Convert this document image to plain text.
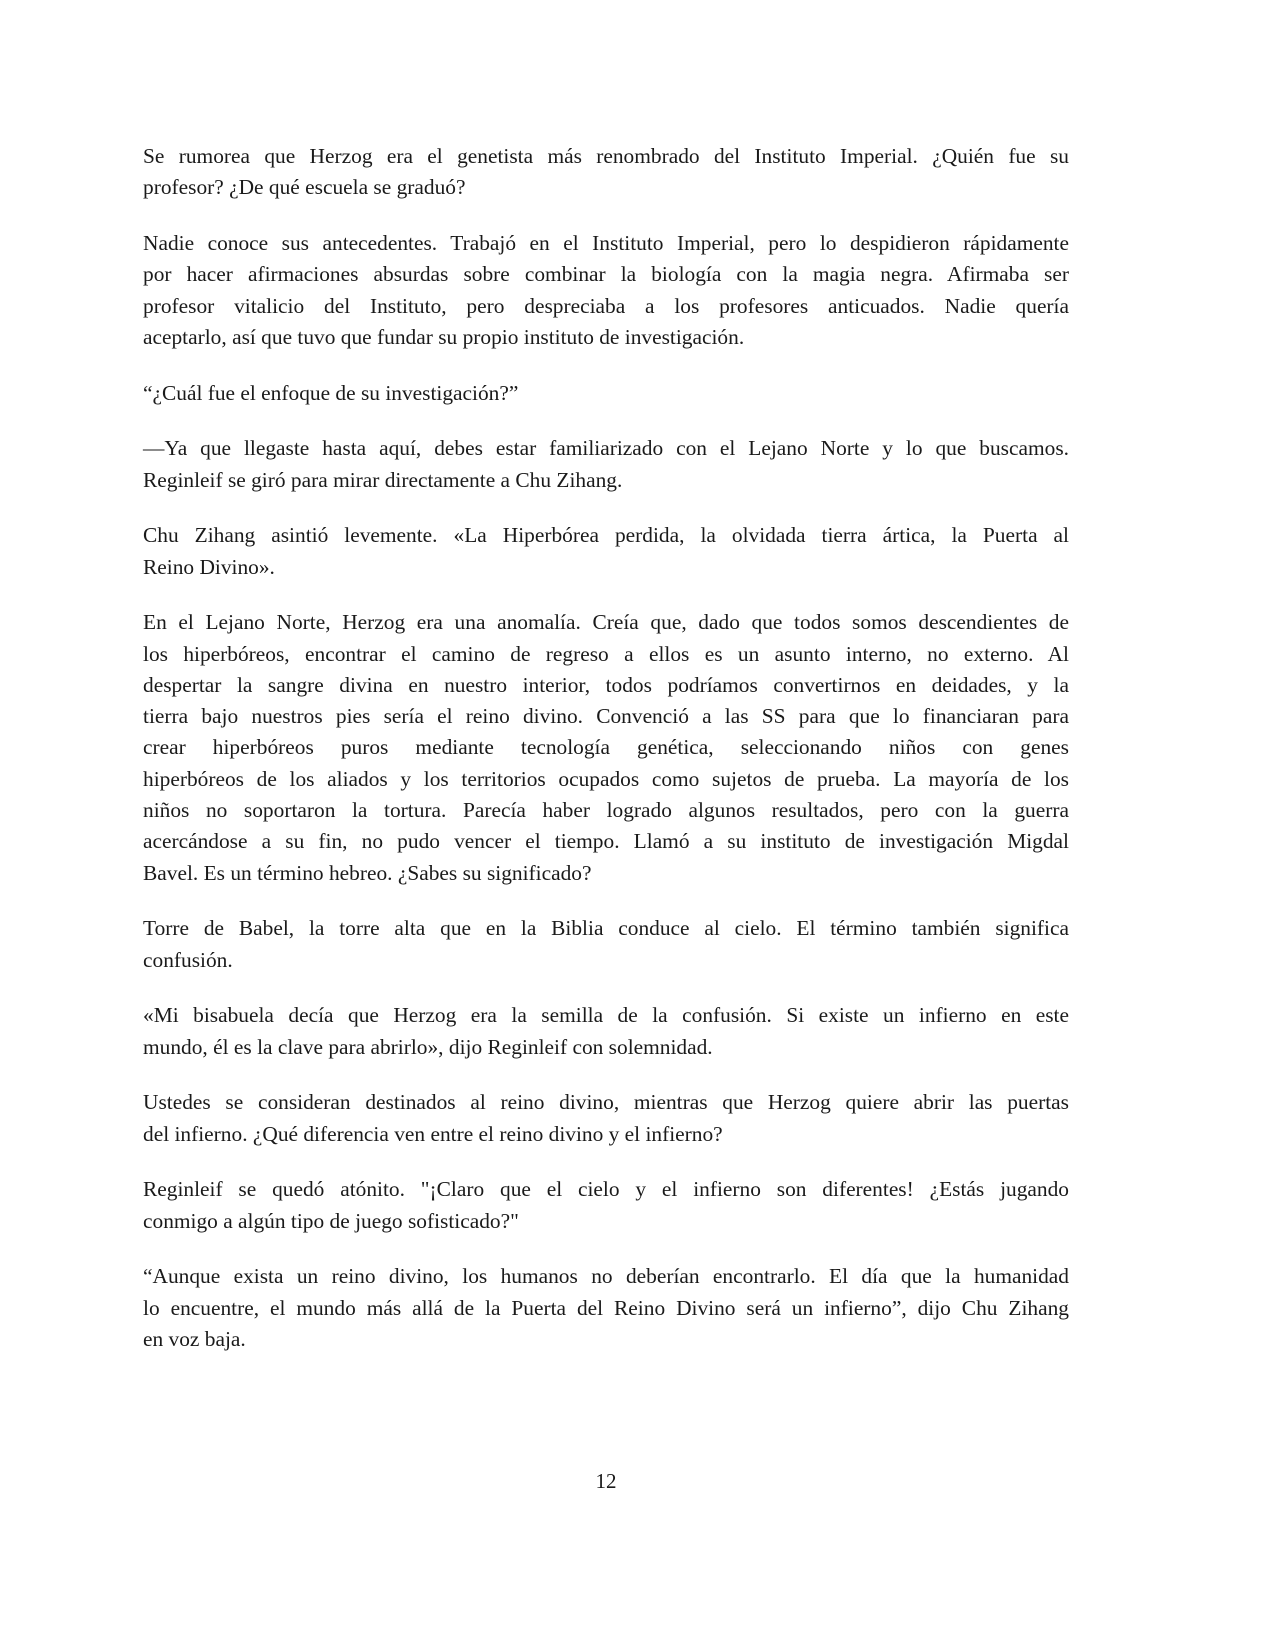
Se rumorea que Herzog era el genetista más renombrado del Instituto Imperial. ¿Quién fue su
profesor? ¿De qué escuela se graduó?
Nadie conoce sus antecedentes. Trabajó en el Instituto Imperial, pero lo despidieron rápidamente
por hacer afirmaciones absurdas sobre combinar la biología con la magia negra. Afirmaba ser
profesor vitalicio del Instituto, pero despreciaba a los profesores anticuados. Nadie quería
aceptarlo, así que tuvo que fundar su propio instituto de investigación.
“¿Cuál fue el enfoque de su investigación?”
—Ya que llegaste hasta aquí, debes estar familiarizado con el Lejano Norte y lo que buscamos.
Reginleif se giró para mirar directamente a Chu Zihang.
Chu Zihang asintió levemente. «La Hiperbórea perdida, la olvidada tierra ártica, la Puerta al
Reino Divino».
En el Lejano Norte, Herzog era una anomalía. Creía que, dado que todos somos descendientes de
los hiperbóreos, encontrar el camino de regreso a ellos es un asunto interno, no externo. Al
despertar la sangre divina en nuestro interior, todos podríamos convertirnos en deidades, y la
tierra bajo nuestros pies sería el reino divino. Convenció a las SS para que lo financiaran para
crear hiperbóreos puros mediante tecnología genética, seleccionando niños con genes
hiperbóreos de los aliados y los territorios ocupados como sujetos de prueba. La mayoría de los
niños no soportaron la tortura. Parecía haber logrado algunos resultados, pero con la guerra
acercándose a su fin, no pudo vencer el tiempo. Llamó a su instituto de investigación Migdal
Bavel. Es un término hebreo. ¿Sabes su significado?
Torre de Babel, la torre alta que en la Biblia conduce al cielo. El término también significa
confusión.
«Mi bisabuela decía que Herzog era la semilla de la confusión. Si existe un infierno en este
mundo, él es la clave para abrirlo», dijo Reginleif con solemnidad.
Ustedes se consideran destinados al reino divino, mientras que Herzog quiere abrir las puertas
del infierno. ¿Qué diferencia ven entre el reino divino y el infierno?
Reginleif se quedó atónito. "¡Claro que el cielo y el infierno son diferentes! ¿Estás jugando
conmigo a algún tipo de juego sofisticado?"
“Aunque exista un reino divino, los humanos no deberían encontrarlo. El día que la humanidad
lo encuentre, el mundo más allá de la Puerta del Reino Divino será un infierno”, dijo Chu Zihang
en voz baja.
12
